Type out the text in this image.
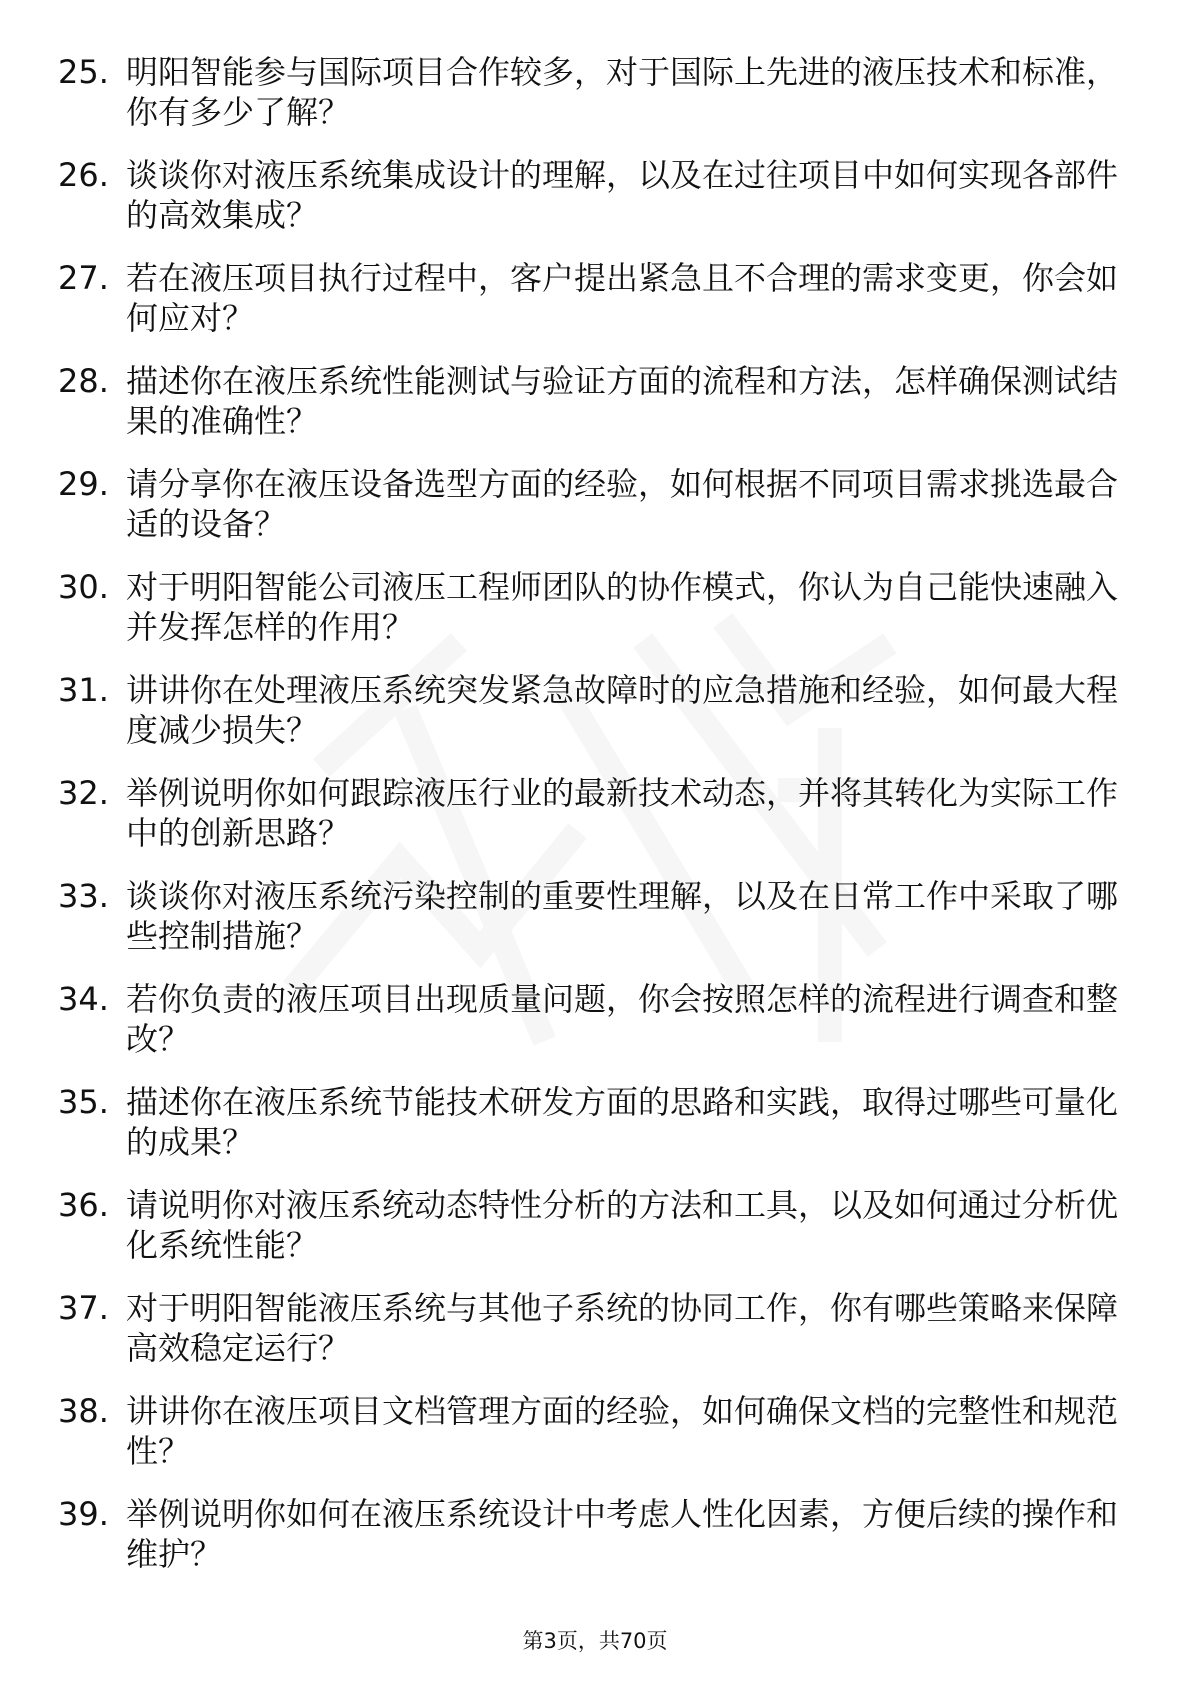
25. 明阳智能参与国际项目合作较多，对于国际上先进的液压技术和标准，你有多少了解？
26. 谈谈你对液压系统集成设计的理解，以及在过往项目中如何实现各部件的高效集成？
27. 若在液压项目执行过程中，客户提出紧急且不合理的需求变更，你会如何应对？
28. 描述你在液压系统性能测试与验证方面的流程和方法，怎样确保测试结果的准确性？
29. 请分享你在液压设备选型方面的经验，如何根据不同项目需求挑选最合适的设备？
30. 对于明阳智能公司液压工程师团队的协作模式，你认为自己能快速融入并发挥怎样的作用？
31. 讲讲你在处理液压系统突发紧急故障时的应急措施和经验，如何最大程度减少损失？
32. 举例说明你如何跟踪液压行业的最新技术动态，并将其转化为实际工作中的创新思路？
33. 谈谈你对液压系统污染控制的重要性理解，以及在日常工作中采取了哪些控制措施？
34. 若你负责的液压项目出现质量问题，你会按照怎样的流程进行调查和整改？
35. 描述你在液压系统节能技术研发方面的思路和实践，取得过哪些可量化的成果？
36. 请说明你对液压系统动态特性分析的方法和工具，以及如何通过分析优化系统性能？
37. 对于明阳智能液压系统与其他子系统的协同工作，你有哪些策略来保障高效稳定运行？
38. 讲讲你在液压项目文档管理方面的经验，如何确保文档的完整性和规范性？
39. 举例说明你如何在液压系统设计中考虑人性化因素，方便后续的操作和维护？
第3页，共70页
